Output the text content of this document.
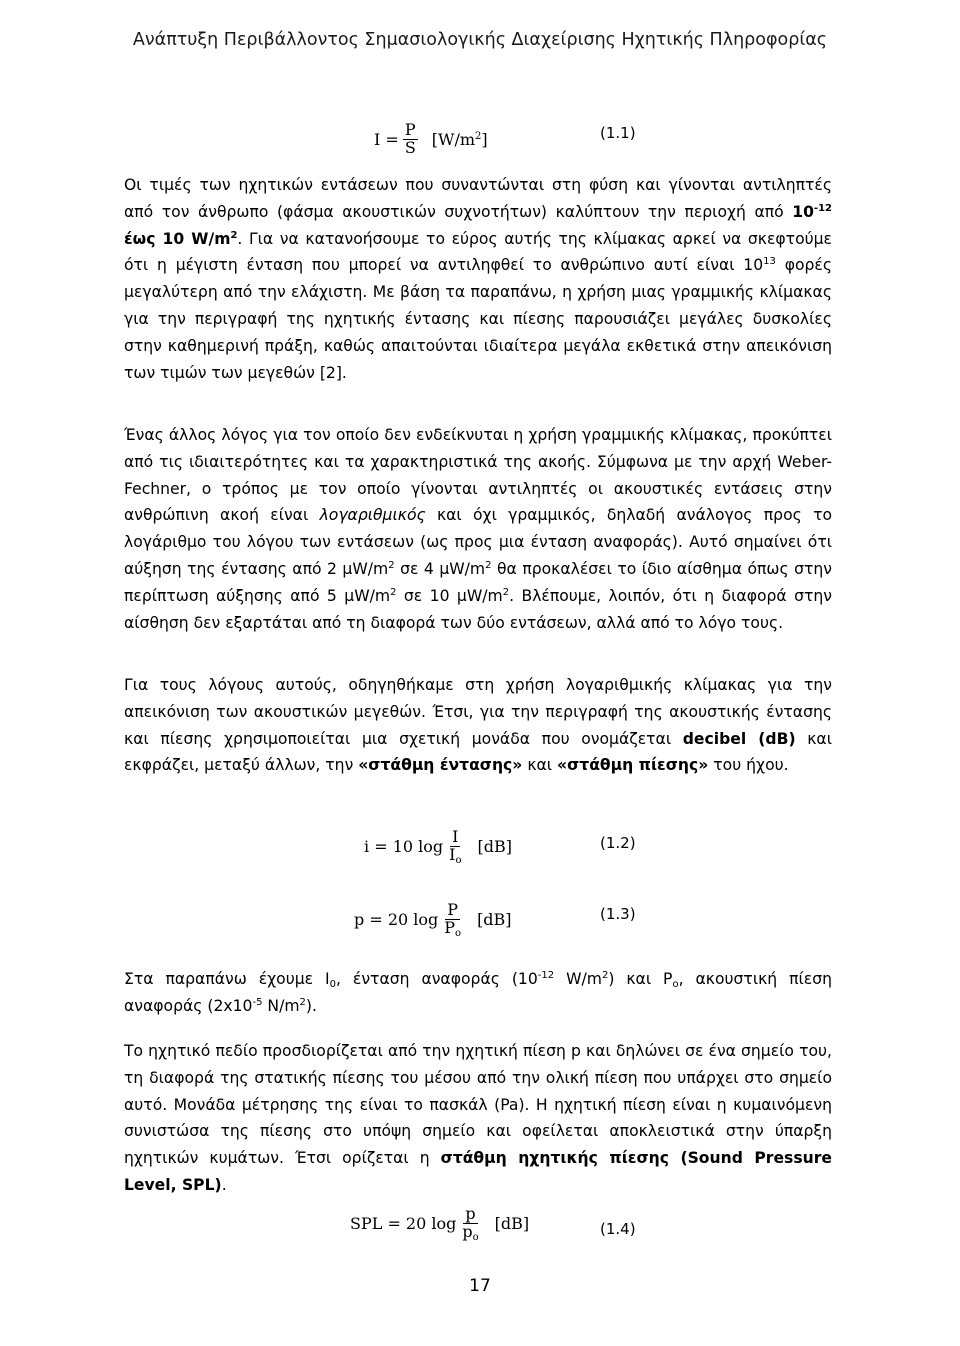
Ανάπτυξη Περιβάλλοντος Σημασιολογικής Διαχείρισης Ηχητικής Πληροφορίας
$I = \frac{P}{S} [W/m^2]$	(1.1)

Οι τιμές των ηχητικών εντάσεων που συναντώνται στη φύση και γίνονται αντιληπτές από τον άνθρωπο (φάσμα ακουστικών συχνοτήτων) καλύπτουν την περιοχή από $10^{-12}$ έως 10 $W/m^2$. Για να κατανοήσουμε το εύρος αυτής της κλίμακας αρκεί να σκεφτούμε ότι η μέγιστη ένταση που μπορεί να αντιληφθεί το ανθρώπινο αυτί είναι $10^{13}$ φορές μεγαλύτερη από την ελάχιστη. Με βάση τα παραπάνω, η χρήση μιας γραμμικής κλίμακας για την περιγραφή της ηχητικής έντασης και πίεσης παρουσιάζει μεγάλες δυσκολίες στην καθημερινή πράξη, καθώς απαιτούνται ιδιαίτερα μεγάλα εκθετικά στην απεικόνιση των τιμών των μεγεθών [2].

Ένας άλλος λόγος για τον οποίο δεν ενδείκνυται η χρήση γραμμικής κλίμακας, προκύπτει από τις ιδιαιτερότητες και τα χαρακτηριστικά της ακοής. Σύμφωνα με την αρχή Weber-Fechner, ο τρόπος με τον οποίο γίνονται αντιληπτές οι ακουστικές εντάσεις στην ανθρώπινη ακοή είναι λογαριθμικός και όχι γραμμικός, δηλαδή ανάλογος προς το λογάριθμο του λόγου των εντάσεων (ως προς μια ένταση αναφοράς). Αυτό σημαίνει ότι αύξηση της έντασης από 2 $\mu W/m^2$ σε 4 $\mu W/m^2$ θα προκαλέσει το ίδιο αίσθημα όπως στην περίπτωση αύξησης από 5 $\mu W/m^2$ σε 10 $\mu W/m^2$. Βλέπουμε, λοιπόν, ότι η διαφορά στην αίσθηση δεν εξαρτάται από τη διαφορά των δύο εντάσεων, αλλά από το λόγο τους.

Για τους λόγους αυτούς, οδηγηθήκαμε στη χρήση λογαριθμικής κλίμακας για την απεικόνιση των ακουστικών μεγεθών. Έτσι, για την περιγραφή της ακουστικής έντασης και πίεσης χρησιμοποιείται μια σχετική μονάδα που ονομάζεται decibel (dB) και εκφράζει, μεταξύ άλλων, την «στάθμη έντασης» και «στάθμη πίεσης» του ήχου.

i = 10 $\log \frac{I}{I_o} [dB]$	(1.2)
p = 20 $\log \frac{P}{P_o} [dB]$	(1.3)

Στα παραπάνω έχουμε $I_0$, ένταση αναφοράς ($10^{-12}$ $W/m^2$) και $P_o$, ακουστική πίεση αναφοράς ($2x10^{-5}$ $N/m^2$).

Το ηχητικό πεδίο προσδιορίζεται από την ηχητική πίεση p και δηλώνει σε ένα σημείο του, τη διαφορά της στατικής πίεσης του μέσου από την ολική πίεση που υπάρχει στο σημείο αυτό. Μονάδα μέτρησης της είναι το πασκάλ (Pa). Η ηχητική πίεση είναι η κυμαινόμενη συνιστώσα της πίεσης στο υπόψη σημείο και οφείλεται αποκλειστικά στην ύπαρξη ηχητικών κυμάτων. Έτσι ορίζεται η στάθμη ηχητικής πίεσης (Sound Pressure Level, SPL).

SPL = 20 $\log \frac{p}{p_o} [dB]$	(1.4)
17
